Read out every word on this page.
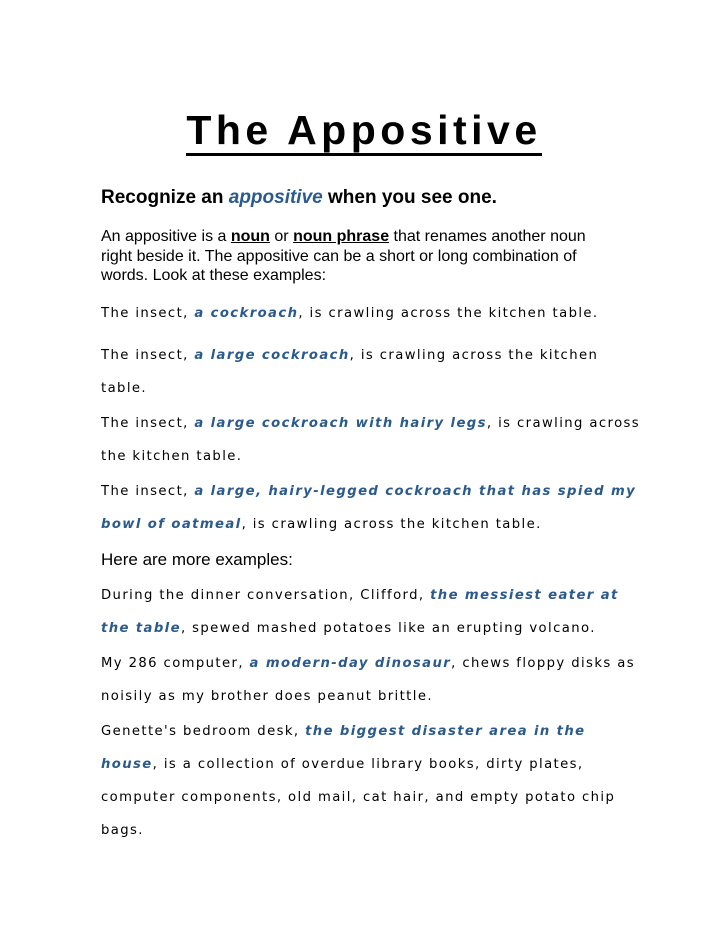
The Appositive
Recognize an appositive when you see one.
An appositive is a noun or noun phrase that renames another noun right beside it. The appositive can be a short or long combination of words. Look at these examples:
The insect, a cockroach, is crawling across the kitchen table.
The insect, a large cockroach, is crawling across the kitchen table.
The insect, a large cockroach with hairy legs, is crawling across the kitchen table.
The insect, a large, hairy-legged cockroach that has spied my bowl of oatmeal, is crawling across the kitchen table.
Here are more examples:
During the dinner conversation, Clifford, the messiest eater at the table, spewed mashed potatoes like an erupting volcano.
My 286 computer, a modern-day dinosaur, chews floppy disks as noisily as my brother does peanut brittle.
Genette's bedroom desk, the biggest disaster area in the house, is a collection of overdue library books, dirty plates, computer components, old mail, cat hair, and empty potato chip bags.
